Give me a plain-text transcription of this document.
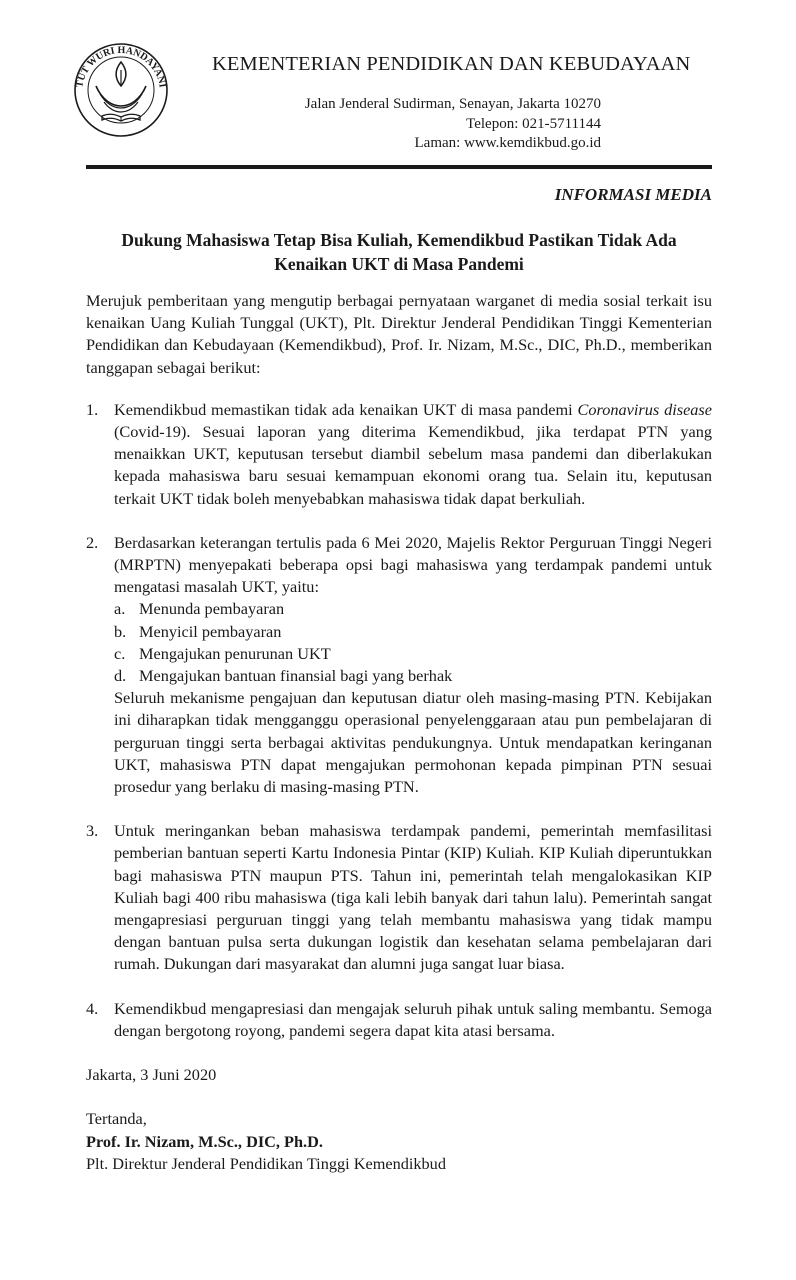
TUT WURI HANDAYANI
KEMENTERIAN PENDIDIKAN DAN KEBUDAYAAN
Jalan Jenderal Sudirman, Senayan, Jakarta 10270
Telepon: 021-5711144
Laman: www.kemdikbud.go.id
INFORMASI MEDIA
Dukung Mahasiswa Tetap Bisa Kuliah, Kemendikbud Pastikan Tidak Ada
Kenaikan UKT di Masa Pandemi

Merujuk pemberitaan yang mengutip berbagai pernyataan warganet di media sosial terkait isu kenaikan Uang Kuliah Tunggal (UKT), Plt. Direktur Jenderal Pendidikan Tinggi Kementerian Pendidikan dan Kebudayaan (Kemendikbud), Prof. Ir. Nizam, M.Sc., DIC, Ph.D., memberikan tanggapan sebagai berikut:

1. Kemendikbud memastikan tidak ada kenaikan UKT di masa pandemi Coronavirus disease (Covid-19). Sesuai laporan yang diterima Kemendikbud, jika terdapat PTN yang menaikkan UKT, keputusan tersebut diambil sebelum masa pandemi dan diberlakukan kepada mahasiswa baru sesuai kemampuan ekonomi orang tua. Selain itu, keputusan terkait UKT tidak boleh menyebabkan mahasiswa tidak dapat berkuliah.
2. Berdasarkan keterangan tertulis pada 6 Mei 2020, Majelis Rektor Perguruan Tinggi Negeri (MRPTN) menyepakati beberapa opsi bagi mahasiswa yang terdampak pandemi untuk mengatasi masalah UKT, yaitu:
a. Menunda pembayaran
b. Menyicil pembayaran
c. Mengajukan penurunan UKT
d. Mengajukan bantuan finansial bagi yang berhak
Seluruh mekanisme pengajuan dan keputusan diatur oleh masing-masing PTN. Kebijakan ini diharapkan tidak mengganggu operasional penyelenggaraan atau pun pembelajaran di perguruan tinggi serta berbagai aktivitas pendukungnya. Untuk mendapatkan keringanan UKT, mahasiswa PTN dapat mengajukan permohonan kepada pimpinan PTN sesuai prosedur yang berlaku di masing-masing PTN.
3. Untuk meringankan beban mahasiswa terdampak pandemi, pemerintah memfasilitasi pemberian bantuan seperti Kartu Indonesia Pintar (KIP) Kuliah. KIP Kuliah diperuntukkan bagi mahasiswa PTN maupun PTS. Tahun ini, pemerintah telah mengalokasikan KIP Kuliah bagi 400 ribu mahasiswa (tiga kali lebih banyak dari tahun lalu). Pemerintah sangat mengapresiasi perguruan tinggi yang telah membantu mahasiswa yang tidak mampu dengan bantuan pulsa serta dukungan logistik dan kesehatan selama pembelajaran dari rumah. Dukungan dari masyarakat dan alumni juga sangat luar biasa.
4. Kemendikbud mengapresiasi dan mengajak seluruh pihak untuk saling membantu. Semoga dengan bergotong royong, pandemi segera dapat kita atasi bersama.

Jakarta, 3 Juni 2020

Tertanda,
Prof. Ir. Nizam, M.Sc., DIC, Ph.D.
Plt. Direktur Jenderal Pendidikan Tinggi Kemendikbud
